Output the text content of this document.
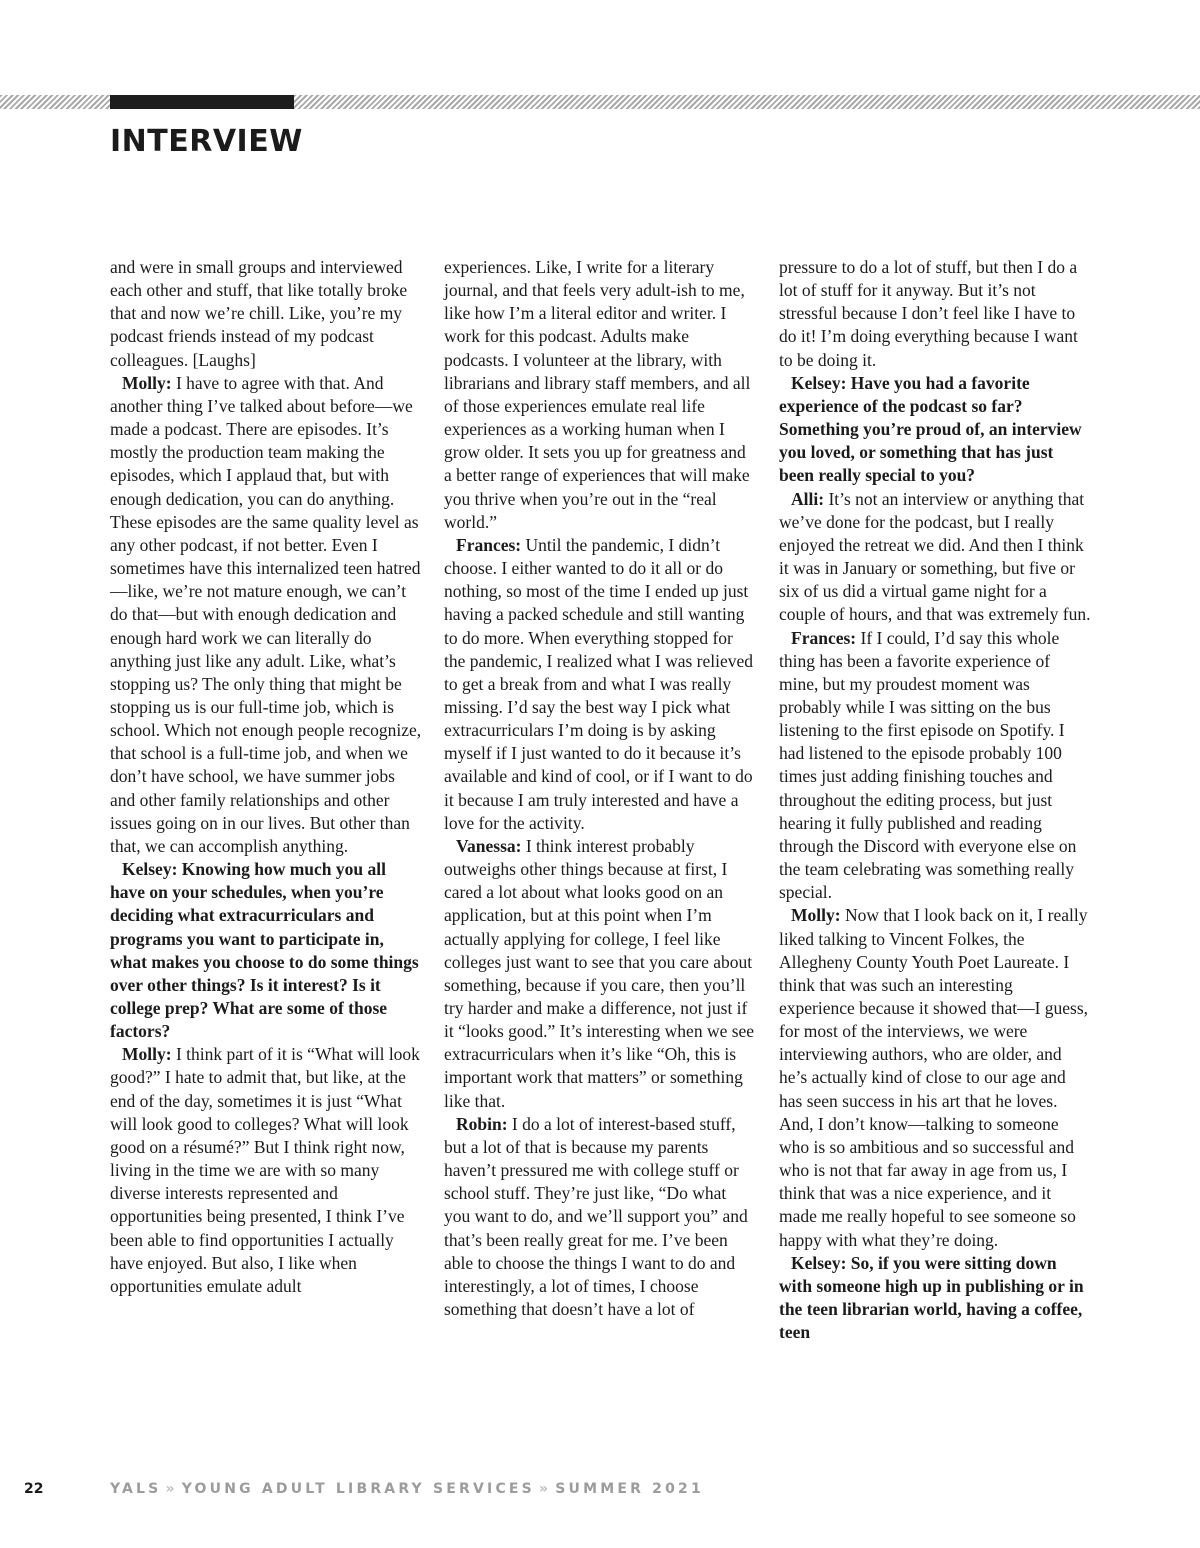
INTERVIEW

and were in small groups and interviewed each other and stuff, that like totally broke that and now we’re chill. Like, you’re my podcast friends instead of my podcast colleagues. [Laughs]

Molly: I have to agree with that. And another thing I’ve talked about before—we made a podcast. There are episodes. It’s mostly the production team making the episodes, which I applaud that, but with enough dedication, you can do anything. These episodes are the same quality level as any other podcast, if not better. Even I sometimes have this internalized teen hatred—like, we’re not mature enough, we can’t do that—but with enough dedication and enough hard work we can literally do anything just like any adult. Like, what’s stopping us? The only thing that might be stopping us is our full-time job, which is school. Which not enough people recognize, that school is a full-time job, and when we don’t have school, we have summer jobs and other family relationships and other issues going on in our lives. But other than that, we can accomplish anything.

Kelsey: Knowing how much you all have on your schedules, when you’re deciding what extracurriculars and programs you want to participate in, what makes you choose to do some things over other things? Is it interest? Is it college prep? What are some of those factors?

Molly: I think part of it is “What will look good?” I hate to admit that, but like, at the end of the day, sometimes it is just “What will look good to colleges? What will look good on a résumé?” But I think right now, living in the time we are with so many diverse interests represented and opportunities being presented, I think I’ve been able to find opportunities I actually have enjoyed. But also, I like when opportunities emulate adult

experiences. Like, I write for a literary journal, and that feels very adult-ish to me, like how I’m a literal editor and writer. I work for this podcast. Adults make podcasts. I volunteer at the library, with librarians and library staff members, and all of those experiences emulate real life experiences as a working human when I grow older. It sets you up for greatness and a better range of experiences that will make you thrive when you’re out in the “real world.”

Frances: Until the pandemic, I didn’t choose. I either wanted to do it all or do nothing, so most of the time I ended up just having a packed schedule and still wanting to do more. When everything stopped for the pandemic, I realized what I was relieved to get a break from and what I was really missing. I’d say the best way I pick what extracurriculars I’m doing is by asking myself if I just wanted to do it because it’s available and kind of cool, or if I want to do it because I am truly interested and have a love for the activity.

Vanessa: I think interest probably outweighs other things because at first, I cared a lot about what looks good on an application, but at this point when I’m actually applying for college, I feel like colleges just want to see that you care about something, because if you care, then you’ll try harder and make a difference, not just if it “looks good.” It’s interesting when we see extracurriculars when it’s like “Oh, this is important work that matters” or something like that.

Robin: I do a lot of interest-based stuff, but a lot of that is because my parents haven’t pressured me with college stuff or school stuff. They’re just like, “Do what you want to do, and we’ll support you” and that’s been really great for me. I’ve been able to choose the things I want to do and interestingly, a lot of times, I choose something that doesn’t have a lot of

pressure to do a lot of stuff, but then I do a lot of stuff for it anyway. But it’s not stressful because I don’t feel like I have to do it! I’m doing everything because I want to be doing it.

Kelsey: Have you had a favorite experience of the podcast so far? Something you’re proud of, an interview you loved, or something that has just been really special to you?

Alli: It’s not an interview or anything that we’ve done for the podcast, but I really enjoyed the retreat we did. And then I think it was in January or something, but five or six of us did a virtual game night for a couple of hours, and that was extremely fun.

Frances: If I could, I’d say this whole thing has been a favorite experience of mine, but my proudest moment was probably while I was sitting on the bus listening to the first episode on Spotify. I had listened to the episode probably 100 times just adding finishing touches and throughout the editing process, but just hearing it fully published and reading through the Discord with everyone else on the team celebrating was something really special.

Molly: Now that I look back on it, I really liked talking to Vincent Folkes, the Allegheny County Youth Poet Laureate. I think that was such an interesting experience because it showed that—I guess, for most of the interviews, we were interviewing authors, who are older, and he’s actually kind of close to our age and has seen success in his art that he loves. And, I don’t know—talking to someone who is so ambitious and so successful and who is not that far away in age from us, I think that was a nice experience, and it made me really hopeful to see someone so happy with what they’re doing.

Kelsey: So, if you were sitting down with someone high up in publishing or in the teen librarian world, having a coffee, teen

22	YALS » YOUNG ADULT LIBRARY SERVICES » SUMMER 2021
